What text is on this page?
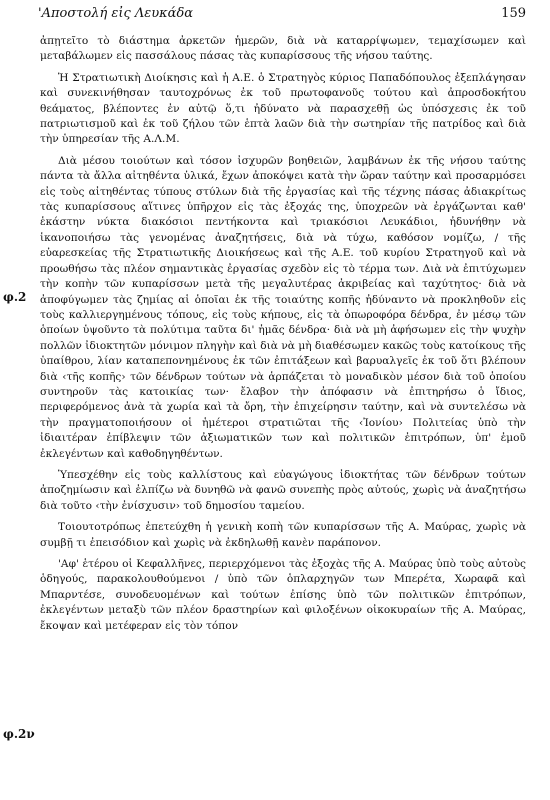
'Αποστολή εἰς Λευκάδα	159
φ.2
φ.2ν

ἀπῃτεῖτο τὸ διάστημα ἀρκετῶν ἡμερῶν, διὰ νὰ καταρρίψωμεν, τεμαχίσωμεν καὶ μεταβάλωμεν εἰς πασσάλους πάσας τὰς κυπαρίσσους τῆς νήσου ταύτης.

Ἡ Στρατιωτικὴ Διοίκησις καὶ ἡ Α.Ε. ὁ Στρατηγὸς κύριος Παπαδόπουλος ἐξεπλάγησαν καὶ συνεκινήθησαν ταυτοχρόνως ἐκ τοῦ πρωτοφανοῦς τούτου καὶ ἀπροσδοκήτου θεάματος, βλέποντες ἐν αὐτῷ ὅ,τι ἠδύνατο νὰ παρασχεθῇ ὡς ὑπόσχεσις ἐκ τοῦ πατριωτισμοῦ καὶ ἐκ τοῦ ζήλου τῶν ἑπτὰ λαῶν διὰ τὴν σωτηρίαν τῆς πατρίδος καὶ διὰ τὴν ὑπηρεσίαν τῆς Α.Λ.Μ.

Διὰ μέσου τοιούτων καὶ τόσον ἰσχυρῶν βοηθειῶν, λαμβάνων ἐκ τῆς νήσου ταύτης πάντα τὰ ἄλλα αἰτηθέντα ὑλικά, ἔχων ἀποκόψει κατὰ τὴν ὥραν ταύτην καὶ προσαρμόσει εἰς τοὺς αἰτηθέντας τύπους στύλων διὰ τῆς ἐργασίας καὶ τῆς τέχνης πάσας ἀδιακρίτως τὰς κυπαρίσσους αἵτινες ὑπῆρχον εἰς τὰς ἐξοχάς της, ὑποχρεῶν νὰ ἐργάζωνται καθ' ἑκάστην νύκτα διακόσιοι πεντήκοντα καὶ τριακόσιοι Λευκάδιοι, ἠδυνήθην νὰ ἱκανοποιήσω τὰς γενομένας ἀναζητήσεις, διὰ νὰ τύχω, καθόσον νομίζω, / τῆς εὐαρεσκείας τῆς Στρατιωτικῆς Διοικήσεως καὶ τῆς Α.Ε. τοῦ κυρίου Στρατηγοῦ καὶ νὰ προωθήσω τὰς πλέον σημαντικὰς ἐργασίας σχεδὸν εἰς τὸ τέρμα των. Διὰ νὰ ἐπιτύχωμεν τὴν κοπὴν τῶν κυπαρίσσων μετὰ τῆς μεγαλυτέρας ἀκριβείας καὶ ταχύτητος· διὰ νὰ ἀποφύγωμεν τὰς ζημίας αἱ ὁποῖαι ἐκ τῆς τοιαύτης κοπῆς ἠδύναντο νὰ προκληθοῦν εἰς τοὺς καλλιεργημένους τόπους, εἰς τοὺς κήπους, εἰς τὰ ὀπωροφόρα δένδρα, ἐν μέσῳ τῶν ὁποίων ὑψοῦντο τὰ πολύτιμα ταῦτα δι' ἡμᾶς δένδρα· διὰ νὰ μὴ ἀφήσωμεν εἰς τὴν ψυχὴν πολλῶν ἰδιοκτητῶν μόνιμον πληγὴν καὶ διὰ νὰ μὴ διαθέσωμεν κακῶς τοὺς κατοίκους τῆς ὑπαίθρου, λίαν καταπεπονημένους ἐκ τῶν ἐπιτάξεων καὶ βαρυαλγεῖς ἐκ τοῦ ὅτι βλέπουν διὰ ‹τῆς κοπῆς› τῶν δένδρων τούτων νὰ ἁρπάζεται τὸ μοναδικὸν μέσον διὰ τοῦ ὁποίου συντηροῦν τὰς κατοικίας των· ἔλαβον τὴν ἀπόφασιν νὰ ἐπιτηρήσω ὁ ἴδιος, περιφερόμενος ἀνὰ τὰ χωρία καὶ τὰ ὄρη, τὴν ἐπιχείρησιν ταύτην, καὶ νὰ συντελέσω νὰ τὴν πραγματοποιήσουν οἱ ἡμέτεροι στρατιῶται τῆς ‹Ἰονίου› Πολιτείας ὑπὸ τὴν ἰδιαιτέραν ἐπίβλεψιν τῶν ἀξιωματικῶν των καὶ πολιτικῶν ἐπιτρόπων, ὑπ' ἐμοῦ ἐκλεγέντων καὶ καθοδηγηθέντων.

Ὑπεσχέθην εἰς τοὺς καλλίστους καὶ εὐαγώγους ἰδιοκτήτας τῶν δένδρων τούτων ἀποζημίωσιν καὶ ἐλπίζω νὰ δυνηθῶ νὰ φανῶ συνεπὴς πρὸς αὐτούς, χωρὶς νὰ ἀναζητήσω διὰ τοῦτο ‹τὴν ἐνίσχυσιν› τοῦ δημοσίου ταμείου.

Τοιουτοτρόπως ἐπετεύχθη ἡ γενικὴ κοπὴ τῶν κυπαρίσσων τῆς Α. Μαύρας, χωρὶς νὰ συμβῇ τι ἐπεισόδιον καὶ χωρὶς νὰ ἐκδηλωθῇ κανὲν παράπονον.

'Αφ' ἑτέρου οἱ Κεφαλλῆνες, περιερχόμενοι τὰς ἐξοχὰς τῆς Α. Μαύρας ὑπὸ τοὺς αὐτοὺς ὁδηγούς, παρακολουθούμενοι / ὑπὸ τῶν ὁπλαρχηγῶν των Μπερέτα, Χωραφᾶ καὶ Μπαρντέσε, συνοδευομένων καὶ τούτων ἐπίσης ὑπὸ τῶν πολιτικῶν ἐπιτρόπων, ἐκλεγέντων μεταξὺ τῶν πλέον δραστηρίων καὶ φιλοξένων οἰκοκυραίων τῆς Α. Μαύρας, ἔκοψαν καὶ μετέφεραν εἰς τὸν τόπον
